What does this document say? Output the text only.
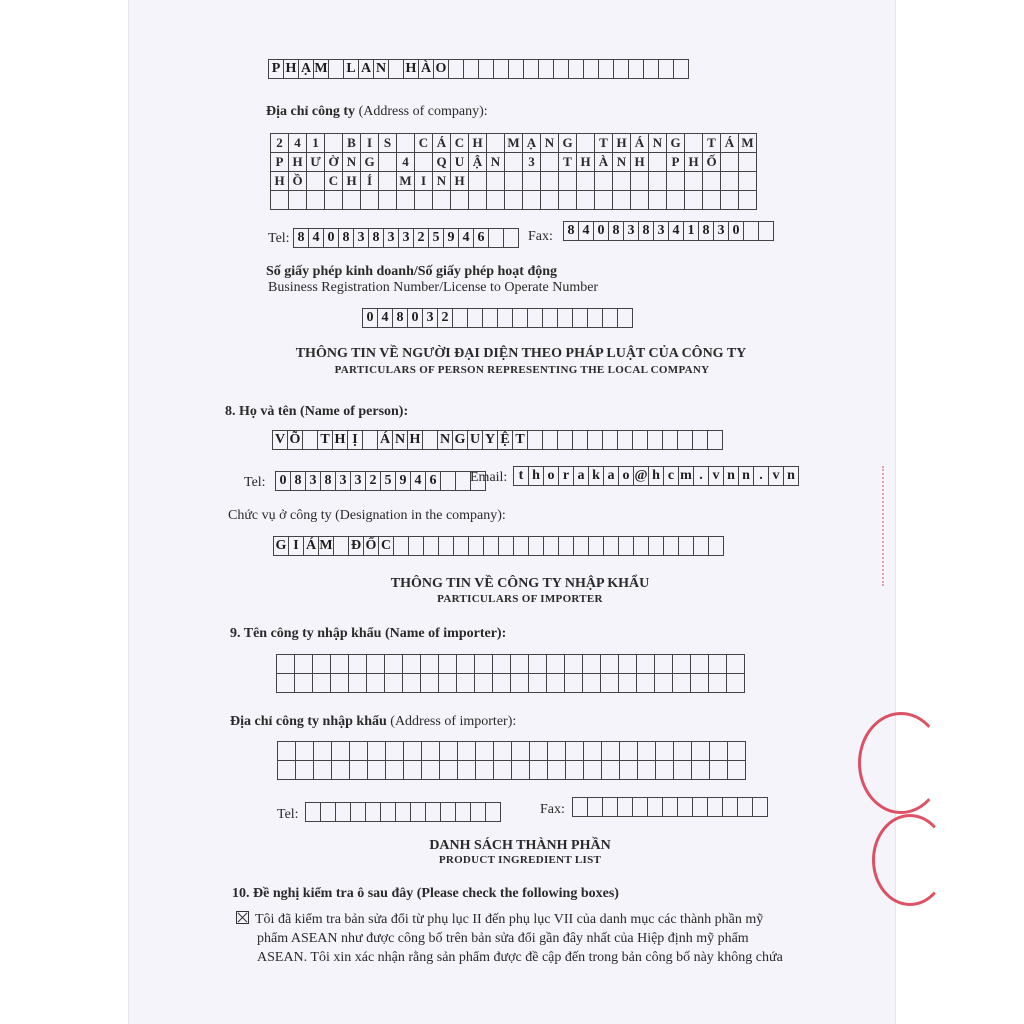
P H Ạ M L A N H À O
Địa chỉ công ty (Address of company):
2 4 1	B I S	C Á C H	M Ạ N G	T H Á N G	T Á M
P H Ư Ờ N G	4	Q U Ậ N	3	T H À N H	P H Ố
H Ồ	C H Í	M I N H
Tel: 8 4 0 8 3 8 3 3 2 5 9 4 6	Fax:	8 4 0 8 3 8 3 4 1 8 3 0
Số giấy phép kinh doanh/Số giấy phép hoạt động
Business Registration Number/License to Operate Number
0 4 8 0 3 2
THÔNG TIN VỀ NGƯỜI ĐẠI DIỆN THEO PHÁP LUẬT CỦA CÔNG TY
PARTICULARS OF PERSON REPRESENTING THE LOCAL COMPANY
8. Họ và tên (Name of person):
V Õ T H Ị	Á N H N G U Y Ệ T
Tel: 0 8 3 8 3 3 2 5 9 4 6	Email: t h o r a k a o @ h c m . v n n . v n
Chức vụ ở công ty (Designation in the company):
G I Á M Đ Ố C
THÔNG TIN VỀ CÔNG TY NHẬP KHẨU
PARTICULARS OF IMPORTER
9. Tên công ty nhập khẩu (Name of importer):
Địa chỉ công ty nhập khẩu (Address of importer):
Tel:	Fax:
DANH SÁCH THÀNH PHẦN
PRODUCT INGREDIENT LIST
10. Đề nghị kiểm tra ô sau đây (Please check the following boxes)
Tôi đã kiểm tra bản sửa đổi từ phụ lục II đến phụ lục VII của danh mục các thành phần mỹ
phẩm ASEAN như được công bố trên bản sửa đổi gần đây nhất của Hiệp định mỹ phẩm
ASEAN. Tôi xin xác nhận rằng sản phẩm được đề cập đến trong bản công bố này không chứa
